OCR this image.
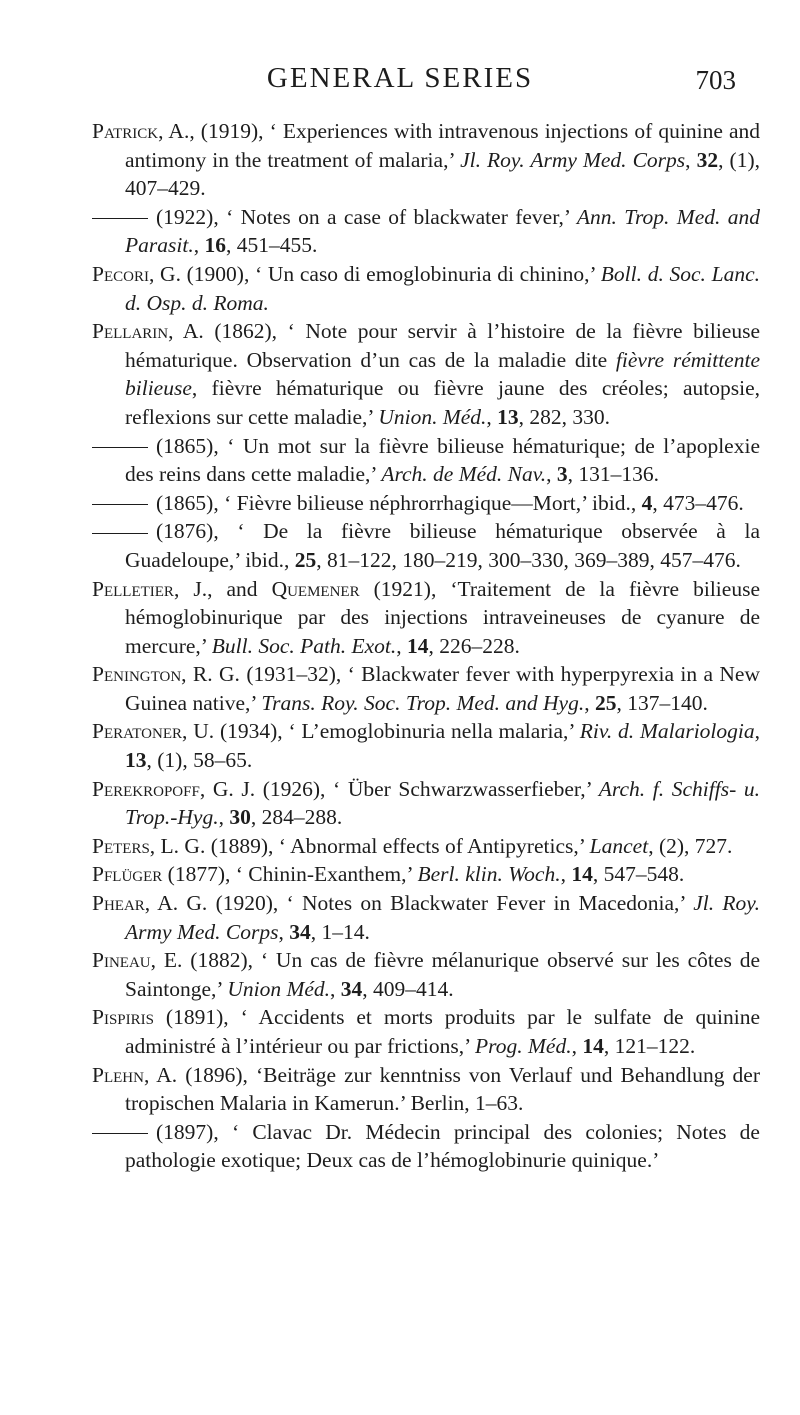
GENERAL SERIES	703

Patrick, A., (1919), ‘ Experiences with intravenous injections of quinine and antimony in the treatment of malaria,’ Jl. Roy. Army Med. Corps, 32, (1), 407–429.

(1922), ‘ Notes on a case of blackwater fever,’ Ann. Trop. Med. and Parasit., 16, 451–455.

Pecori, G. (1900), ‘ Un caso di emoglobinuria di chinino,’ Boll. d. Soc. Lanc. d. Osp. d. Roma.

Pellarin, A. (1862), ‘ Note pour servir à l’histoire de la fièvre bilieuse hématurique. Observation d’un cas de la maladie dite fièvre rémittente bilieuse, fièvre hématurique ou fièvre jaune des créoles; autopsie, reflexions sur cette maladie,’ Union. Méd., 13, 282, 330.

(1865), ‘ Un mot sur la fièvre bilieuse hématurique; de l’apoplexie des reins dans cette maladie,’ Arch. de Méd. Nav., 3, 131–136.

(1865), ‘ Fièvre bilieuse néphrorrhagique—Mort,’ ibid., 4, 473–476.

(1876), ‘ De la fièvre bilieuse hématurique observée à la Guadeloupe,’ ibid., 25, 81–122, 180–219, 300–330, 369–389, 457–476.

Pelletier, J., and Quemener (1921), ‘Traitement de la fièvre bilieuse hémoglobinurique par des injections intraveineuses de cyanure de mercure,’ Bull. Soc. Path. Exot., 14, 226–228.

Penington, R. G. (1931–32), ‘ Blackwater fever with hyperpyrexia in a New Guinea native,’ Trans. Roy. Soc. Trop. Med. and Hyg., 25, 137–140.

Peratoner, U. (1934), ‘ L’emoglobinuria nella malaria,’ Riv. d. Malariologia, 13, (1), 58–65.

Perekropoff, G. J. (1926), ‘ Über Schwarzwasserfieber,’ Arch. f. Schiffs- u. Trop.-Hyg., 30, 284–288.

Peters, L. G. (1889), ‘ Abnormal effects of Antipyretics,’ Lancet, (2), 727.

Pflüger (1877), ‘ Chinin-Exanthem,’ Berl. klin. Woch., 14, 547–548.

Phear, A. G. (1920), ‘ Notes on Blackwater Fever in Macedonia,’ Jl. Roy. Army Med. Corps, 34, 1–14.

Pineau, E. (1882), ‘ Un cas de fièvre mélanurique observé sur les côtes de Saintonge,’ Union Méd., 34, 409–414.

Pispiris (1891), ‘ Accidents et morts produits par le sulfate de quinine administré à l’intérieur ou par frictions,’ Prog. Méd., 14, 121–122.

Plehn, A. (1896), ‘Beiträge zur kenntniss von Verlauf und Behandlung der tropischen Malaria in Kamerun.’ Berlin, 1–63.

(1897), ‘ Clavac Dr. Médecin principal des colonies; Notes de pathologie exotique; Deux cas de l’hémoglobinurie quinique.’
